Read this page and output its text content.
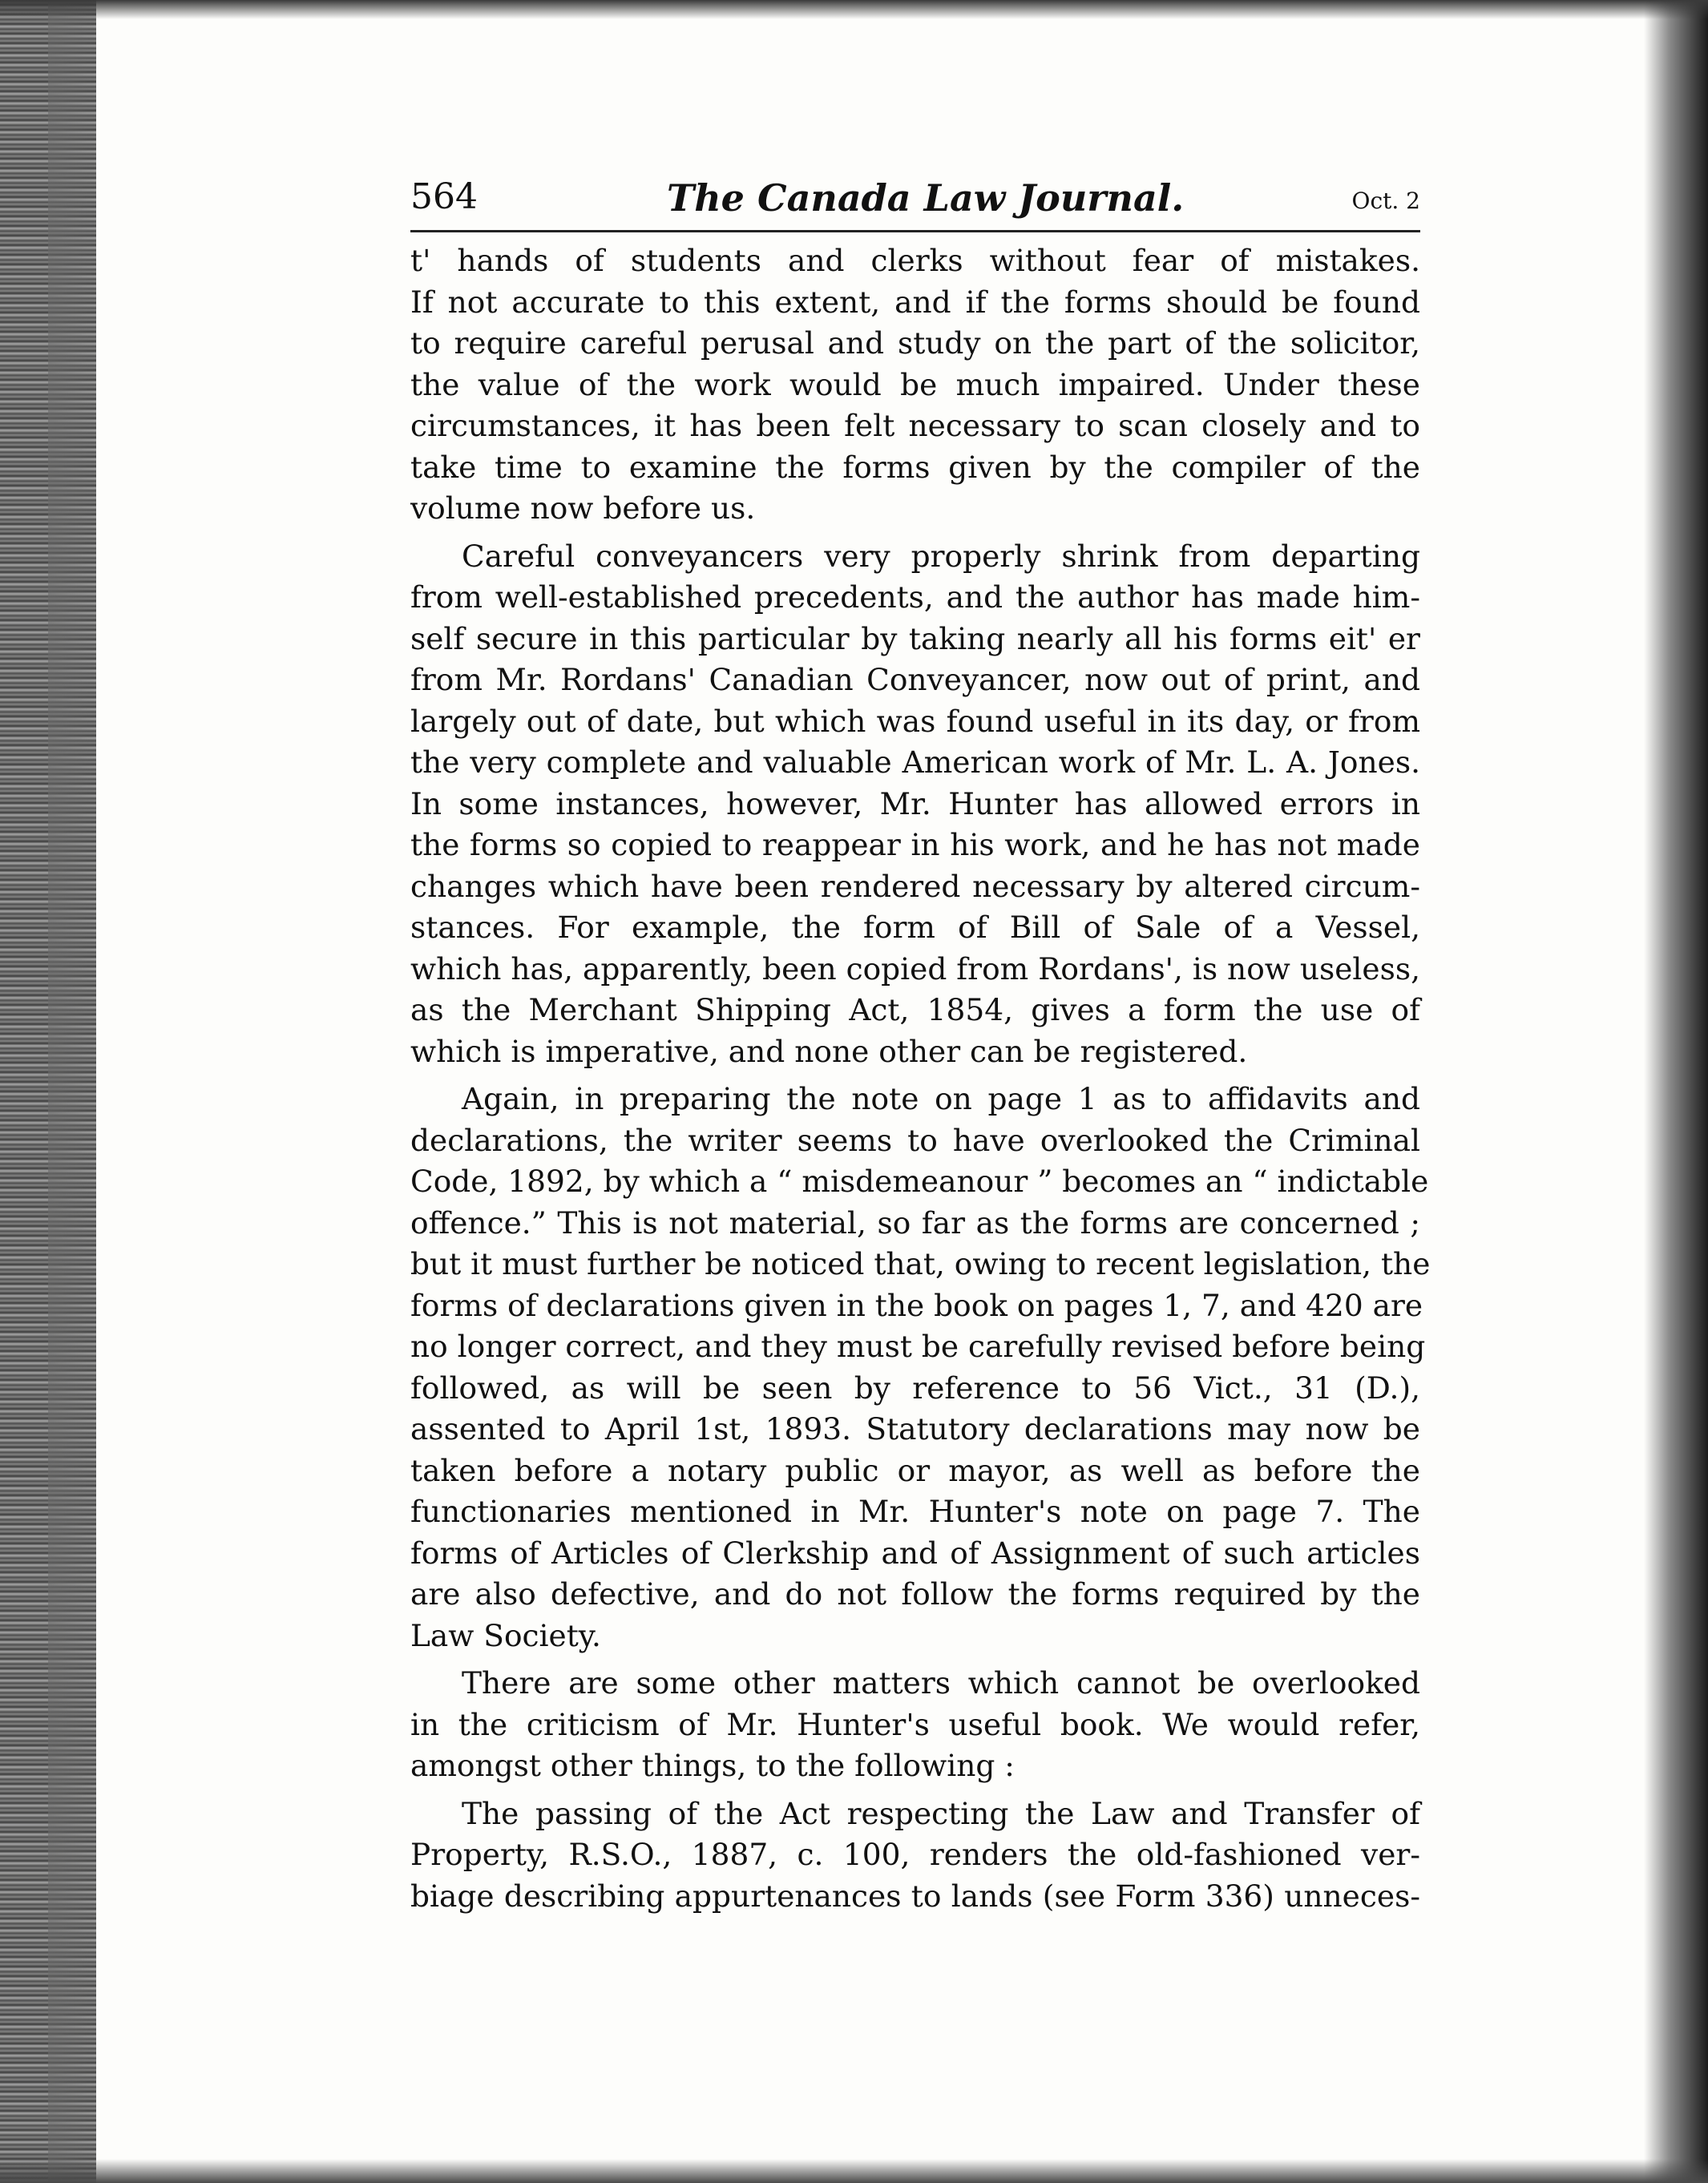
564	The Canada Law Journal.	Oct. 2
t' hands of students and clerks without fear of mistakes.
If not accurate to this extent, and if the forms should be found
to require careful perusal and study on the part of the solicitor,
the value of the work would be much impaired. Under these
circumstances, it has been felt necessary to scan closely and to
take time to examine the forms given by the compiler of the
volume now before us.
Careful conveyancers very properly shrink from departing
from well-established precedents, and the author has made him-
self secure in this particular by taking nearly all his forms eit' er
from Mr. Rordans' Canadian Conveyancer, now out of print, and
largely out of date, but which was found useful in its day, or from
the very complete and valuable American work of Mr. L. A. Jones.
In some instances, however, Mr. Hunter has allowed errors in
the forms so copied to reappear in his work, and he has not made
changes which have been rendered necessary by altered circum-
stances. For example, the form of Bill of Sale of a Vessel,
which has, apparently, been copied from Rordans', is now useless,
as the Merchant Shipping Act, 1854, gives a form the use of
which is imperative, and none other can be registered.
Again, in preparing the note on page 1 as to affidavits and
declarations, the writer seems to have overlooked the Criminal
Code, 1892, by which a “ misdemeanour ” becomes an “ indictable
offence.” This is not material, so far as the forms are concerned ;
but it must further be noticed that, owing to recent legislation, the
forms of declarations given in the book on pages 1, 7, and 420 are
no longer correct, and they must be carefully revised before being
followed, as will be seen by reference to 56 Vict., 31 (D.),
assented to April 1st, 1893. Statutory declarations may now be
taken before a notary public or mayor, as well as before the
functionaries mentioned in Mr. Hunter's note on page 7. The
forms of Articles of Clerkship and of Assignment of such articles
are also defective, and do not follow the forms required by the
Law Society.
There are some other matters which cannot be overlooked
in the criticism of Mr. Hunter's useful book. We would refer,
amongst other things, to the following :
The passing of the Act respecting the Law and Transfer of
Property, R.S.O., 1887, c. 100, renders the old-fashioned ver-
biage describing appurtenances to lands (see Form 336) unneces-
